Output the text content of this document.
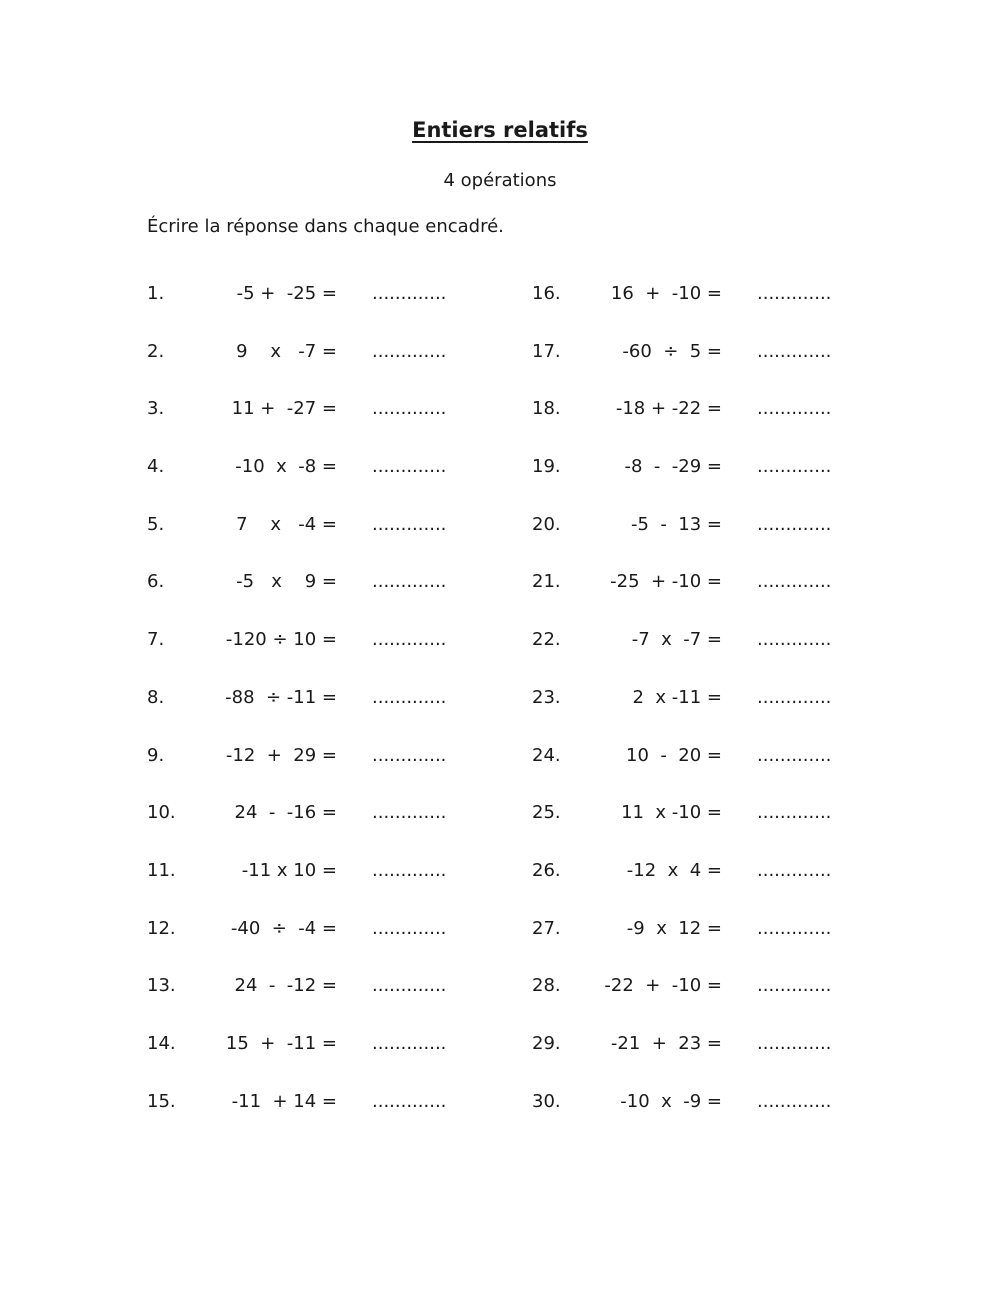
Entiers relatifs
4 opérations
Écrire la réponse dans chaque encadré.
1.	-5 +  -25 = .............
2.	9    x   -7 = .............
3.	11 +  -27 = .............
4.	-10  x  -8 = .............
5.	7    x   -4 = .............
6.	-5   x    9 = .............
7.	-120 ÷ 10 = .............
8.	-88  ÷ -11 = .............
9.	-12  +  29 = .............
10.	24  -  -16 = .............
11.	-11 x 10 = .............
12.	-40  ÷  -4 = .............
13.	24  -  -12 = .............
14.	15  +  -11 = .............
15.	-11  + 14 = .............
16.	16  +  -10 = .............
17.	-60  ÷  5 = .............
18.	-18 + -22 = .............
19.	-8  -  -29 = .............
20.	-5  -  13 = .............
21.	-25  + -10 = .............
22.	-7  x  -7 = .............
23.	2  x -11 = .............
24.	10  -  20 = .............
25.	11  x -10 = .............
26.	-12  x  4 = .............
27.	-9  x  12 = .............
28.	-22  +  -10 = .............
29.	-21  +  23 = .............
30.	-10  x  -9 = .............
